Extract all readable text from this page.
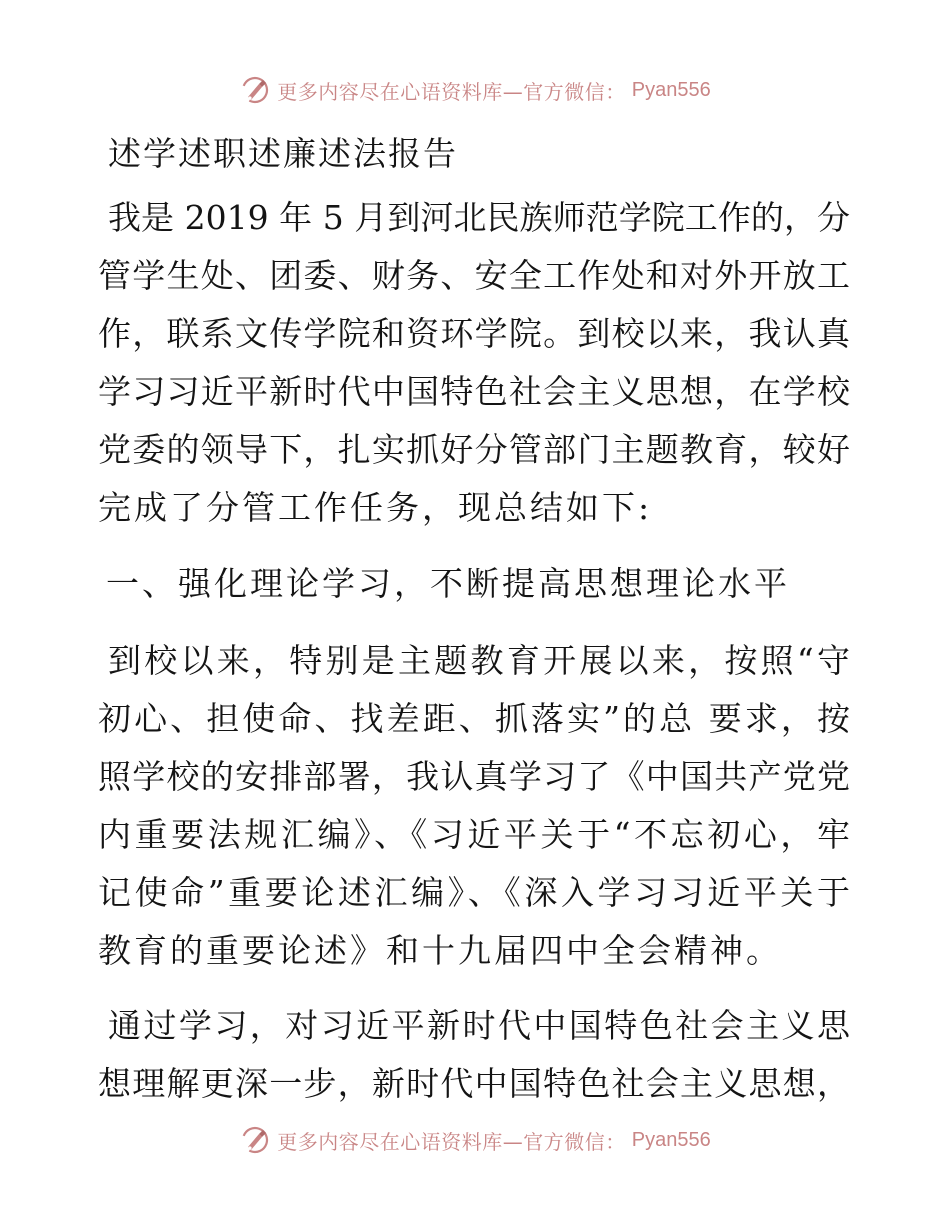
更多内容尽在心语资料库—官方微信： Pyan556
述学述职述廉述法报告
我是 2019 年 5 月到河北民族师范学院工作的，分
管学生处、团委、财务、安全工作处和对外开放工
作，联系文传学院和资环学院。到校以来，我认真
学习习近平新时代中国特色社会主义思想，在学校
党委的领导下，扎实抓好分管部门主题教育，较好
完成了分管工作任务，现总结如下:
一、强化理论学习，不断提高思想理论水平
到校以来，特别是主题教育开展以来，按照“守
初心、担使命、找差距、抓落实”的总 要求，按
照学校的安排部署，我认真学习了《中国共产党党
内重要法规汇编》、《习近平关于“不忘初心，牢
记使命”重要论述汇编》、《深入学习习近平关于
教育的重要论述》和十九届四中全会精神。
通过学习，对习近平新时代中国特色社会主义思
想理解更深一步，新时代中国特色社会主义思想，
更多内容尽在心语资料库—官方微信： Pyan556
